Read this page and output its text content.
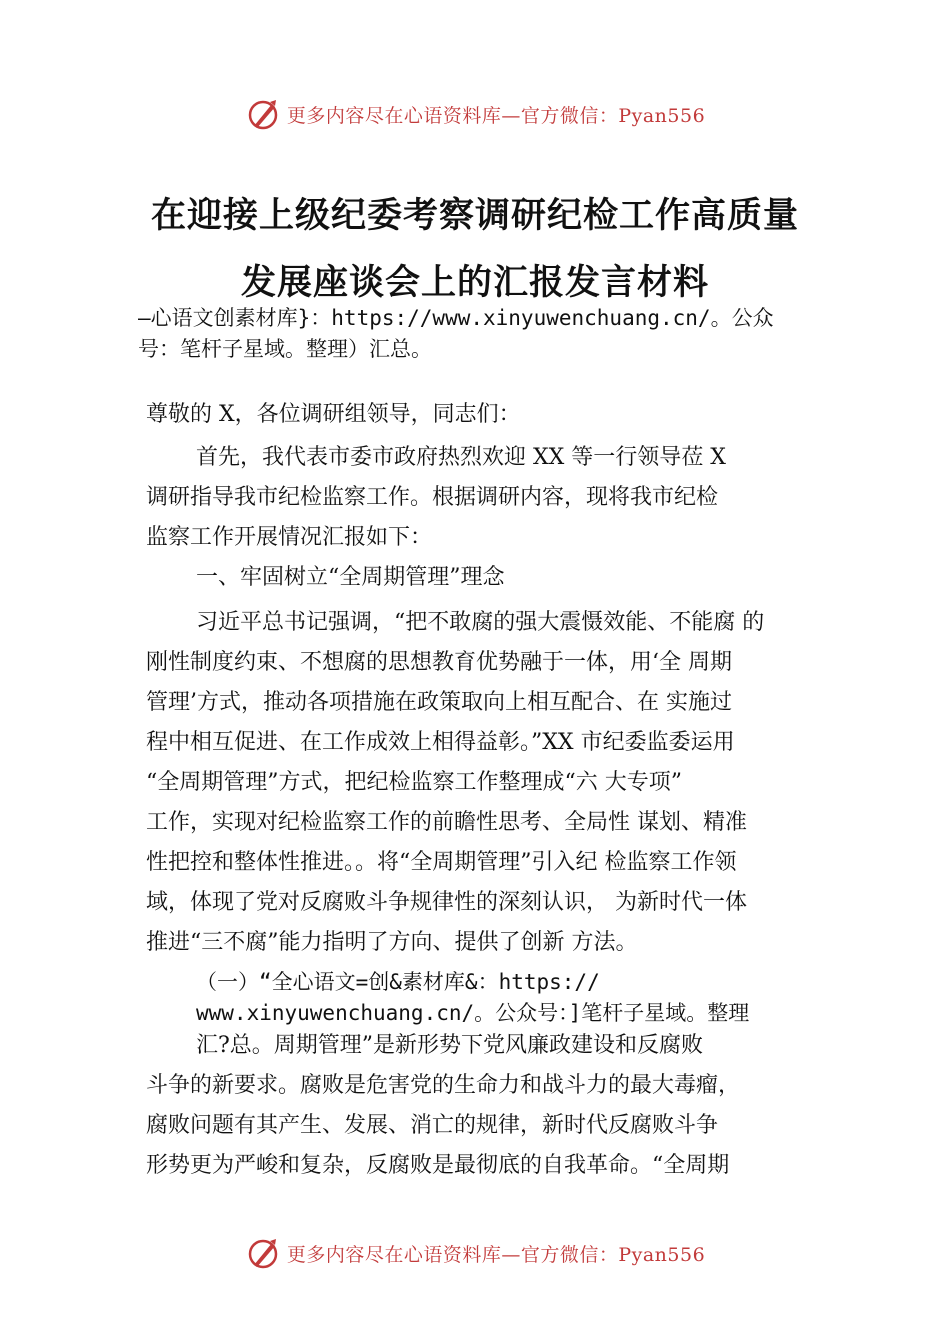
更多内容尽在心语资料库—官方微信：Pyan556
在迎接上级纪委考察调研纪检工作高质量
发展座谈会上的汇报发言材料
—心语文创素材库}：https://www.xinyuwenchuang.cn/。公众
号：笔杆子星域。整理）汇总。
尊敬的 X，各位调研组领导，同志们：
首先，我代表市委市政府热烈欢迎 XX 等一行领导莅 X
调研指导我市纪检监察工作。根据调研内容，现将我市纪检
监察工作开展情况汇报如下：
一、牢固树立“全周期管理”理念
习近平总书记强调，“把不敢腐的强大震慑效能、不能腐 的
刚性制度约束、不想腐的思想教育优势融于一体，用‘全 周期
管理’方式，推动各项措施在政策取向上相互配合、在 实施过
程中相互促进、在工作成效上相得益彰。”XX 市纪委监委运用
“全周期管理”方式，把纪检监察工作整理成“六 大专项”
工作，实现对纪检监察工作的前瞻性思考、全局性 谋划、精准
性把控和整体性推进。。将“全周期管理”引入纪 检监察工作领
域，体现了党对反腐败斗争规律性的深刻认识， 为新时代一体
推进“三不腐”能力指明了方向、提供了创新 方法。
（一）“全心语文=创&素材库&：https://
www.xinyuwenchuang.cn/。公众号：]笔杆子星域。整理
汇?总。周期管理”是新形势下党风廉政建设和反腐败
斗争的新要求。腐败是危害党的生命力和战斗力的最大毒瘤，
腐败问题有其产生、发展、消亡的规律，新时代反腐败斗争
形势更为严峻和复杂，反腐败是最彻底的自我革命。“全周期
更多内容尽在心语资料库—官方微信：Pyan556
